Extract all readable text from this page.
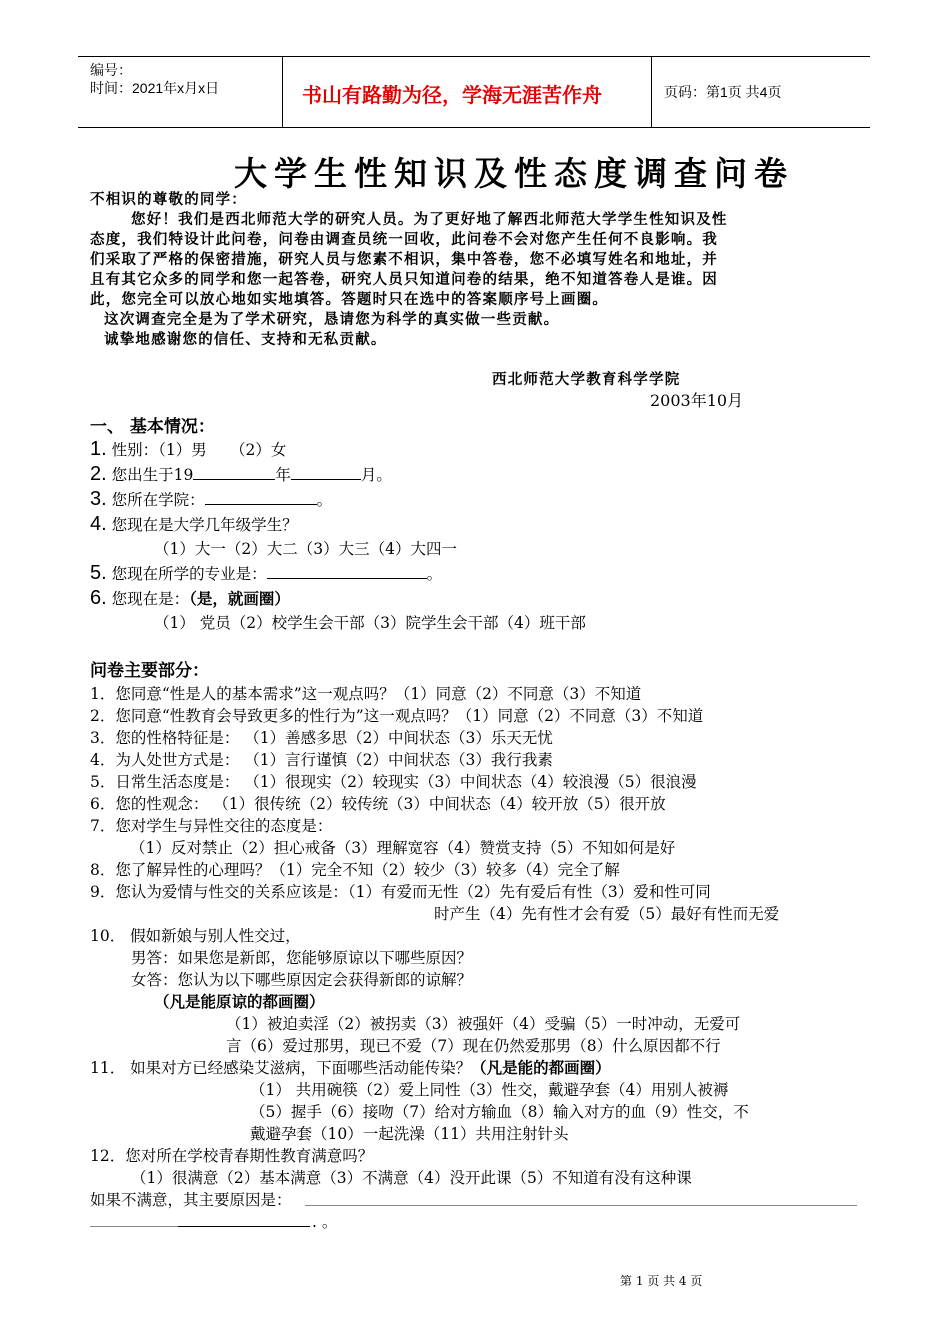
编号：
时间：2021年x月x日	书山有路勤为径，学海无涯苦作舟	页码：第1页 共4页
大学生性知识及性态度调查问卷
不相识的尊敬的同学：
您好！我们是西北师范大学的研究人员。为了更好地了解西北师范大学学生性知识及性
态度，我们特设计此问卷，问卷由调查员统一回收，此问卷不会对您产生任何不良影响。我
们采取了严格的保密措施，研究人员与您素不相识，集中答卷，您不必填写姓名和地址，并
且有其它众多的同学和您一起答卷，研究人员只知道问卷的结果，绝不知道答卷人是谁。因
此，您完全可以放心地如实地填答。答题时只在选中的答案顺序号上画圈。
这次调查完全是为了学术研究，恳请您为科学的真实做一些贡献。
诚挚地感谢您的信任、支持和无私贡献。
西北师范大学教育科学学院
2003年10月
一、 基本情况：
1. 性别：（1）男　　（2）女
2. 您出生于19	年	月。
3. 您所在学院：	。
4. 您现在是大学几年级学生？
（1）大一（2）大二（3）大三（4）大四一
5. 您现在所学的专业是：	。
6. 您现在是：（是，就画圈）
（1） 党员（2）校学生会干部（3）院学生会干部（4）班干部
问卷主要部分：
1．您同意“性是人的基本需求”这一观点吗？（1）同意（2）不同意（3）不知道
2．您同意“性教育会导致更多的性行为”这一观点吗？（1）同意（2）不同意（3）不知道
3．您的性格特征是： （1）善感多思（2）中间状态（3）乐天无忧
4．为人处世方式是： （1）言行谨慎（2）中间状态（3）我行我素
5．日常生活态度是： （1）很现实（2）较现实（3）中间状态（4）较浪漫（5）很浪漫
6．您的性观念： （1）很传统（2）较传统（3）中间状态（4）较开放（5）很开放
7．您对学生与异性交往的态度是：
（1）反对禁止（2）担心戒备（3）理解宽容（4）赞赏支持（5）不知如何是好
8．您了解异性的心理吗？（1）完全不知（2）较少（3）较多（4）完全了解
9．您认为爱情与性交的关系应该是：（1）有爱而无性（2）先有爱后有性（3）爱和性可同
时产生（4）先有性才会有爱（5）最好有性而无爱
10． 假如新娘与别人性交过，
男答：如果您是新郎，您能够原谅以下哪些原因？
女答：您认为以下哪些原因定会获得新郎的谅解？
（凡是能原谅的都画圈）
（1）被迫卖淫（2）被拐卖（3）被强奸（4）受骗（5）一时冲动，无爱可
言（6）爱过那男，现已不爱（7）现在仍然爱那男（8）什么原因都不行
11． 如果对方已经感染艾滋病，下面哪些活动能传染？（凡是能的都画圈）
（1） 共用碗筷（2）爱上同性（3）性交，戴避孕套（4）用别人被褥
（5）握手（6）接吻（7）给对方输血（8）输入对方的血（9）性交，不
戴避孕套（10）一起洗澡（11）共用注射针头
12．您对所在学校青春期性教育满意吗？
（1）很满意（2）基本满意（3）不满意（4）没开此课（5）不知道有没有这种课
如果不满意，其主要原因是：
. 。
第 1 页 共 4 页
